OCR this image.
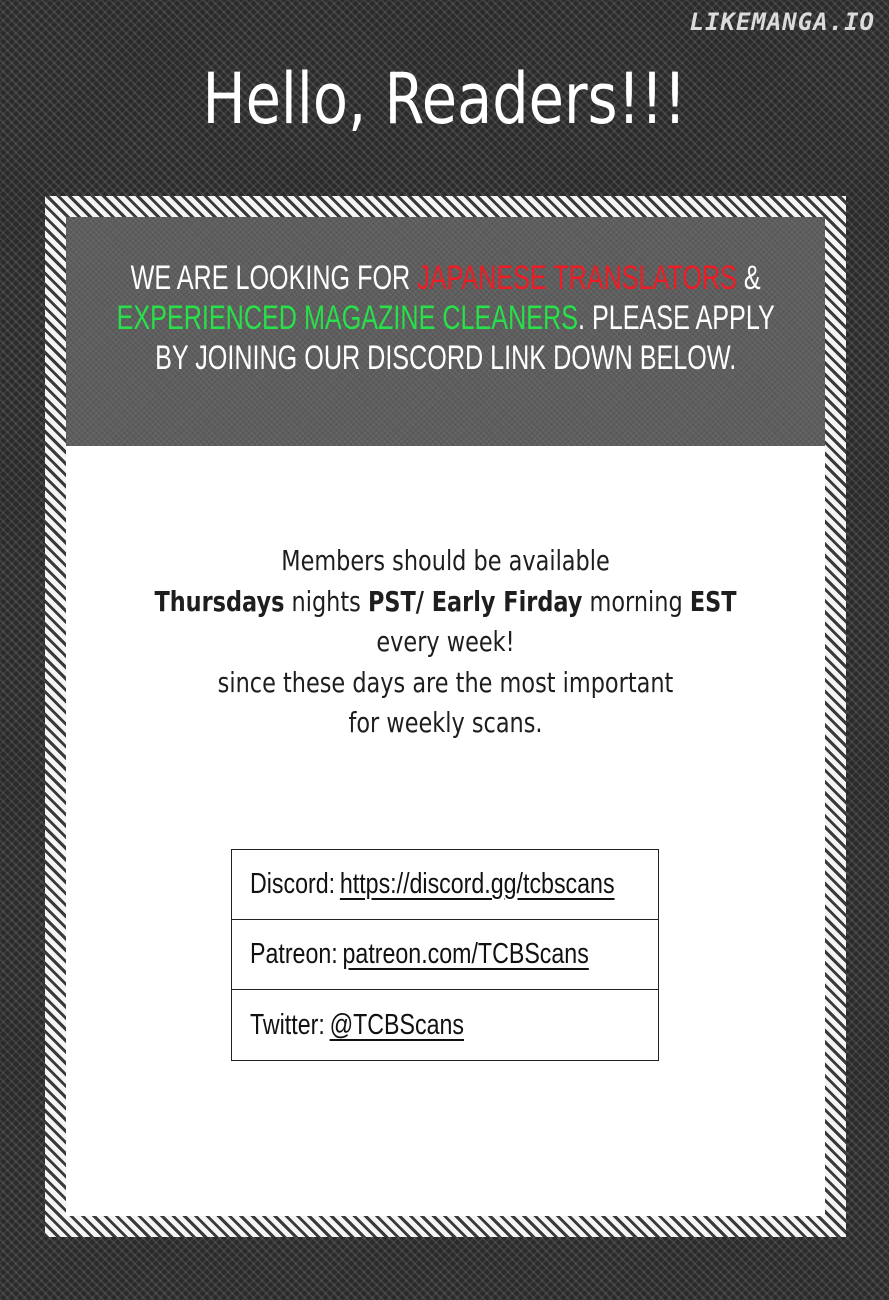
LIKEMANGA.IO
Hello, Readers!!!
WE ARE LOOKING FOR JAPANESE TRANSLATORS &
EXPERIENCED MAGAZINE CLEANERS. PLEASE APPLY
BY JOINING OUR DISCORD LINK DOWN BELOW.
Members should be available
Thursdays nights PST/ Early Firday morning EST
every week!
since these days are the most important
for weekly scans.
Discord: https://discord.gg/tcbscans
Patreon: patreon.com/TCBScans
Twitter: @TCBScans
